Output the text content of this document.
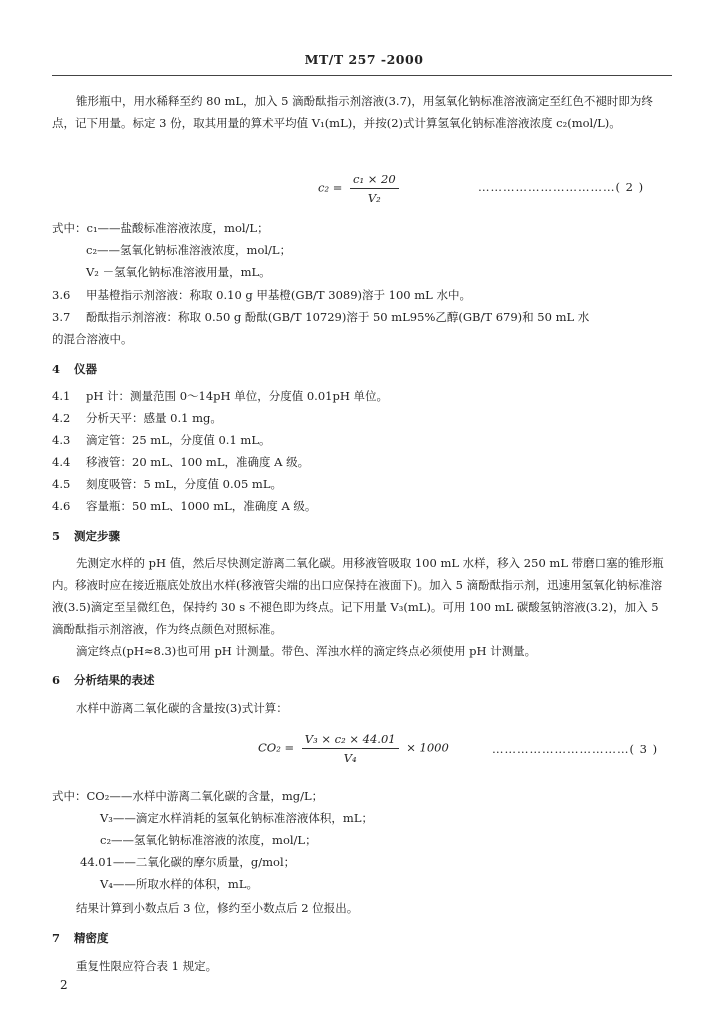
MT/T 257 -2000
锥形瓶中，用水稀释至约 80 mL，加入 5 滴酚酞指示剂溶液(3.7)，用氢氧化钠标准溶液滴定至红色不褪时即为终点，记下用量。标定 3 份，取其用量的算术平均值 V₁(mL)，并按(2)式计算氢氧化钠标准溶液浓度 c₂(mol/L)。
$c_2 = \frac{\text{c₁ × 20}}{\text{V₂}}$	……………………………( 2 )
式中：c₁——盐酸标准溶液浓度，mol/L；
c₂——氢氧化钠标准溶液浓度，mol/L；
V₂ －氢氧化钠标准溶液用量，mL。
3.6 甲基橙指示剂溶液：称取 0.10 g 甲基橙(GB/T 3089)溶于 100 mL 水中。
3.7 酚酞指示剂溶液：称取 0.50 g 酚酞(GB/T 10729)溶于 50 mL95%乙醇(GB/T 679)和 50 mL 水
的混合溶液中。
4 仪器
4.1 pH 计：测量范围 0～14pH 单位，分度值 0.01pH 单位。
4.2 分析天平：感量 0.1 mg。
4.3 滴定管：25 mL，分度值 0.1 mL。
4.4 移液管：20 mL、100 mL，准确度 A 级。
4.5 刻度吸管：5 mL，分度值 0.05 mL。
4.6 容量瓶：50 mL、1000 mL，准确度 A 级。
5 测定步骤
先测定水样的 pH 值，然后尽快测定游离二氧化碳。用移液管吸取 100 mL 水样，移入 250 mL 带磨口塞的锥形瓶内。移液时应在接近瓶底处放出水样(移液管尖端的出口应保持在液面下)。加入 5 滴酚酞指示剂，迅速用氢氧化钠标准溶液(3.5)滴定至呈微红色，保持约 30 s 不褪色即为终点。记下用量 V₃(mL)。可用 100 mL 碳酸氢钠溶液(3.2)，加入 5 滴酚酞指示剂溶液，作为终点颜色对照标准。
滴定终点(pH≈8.3)也可用 pH 计测量。带色、浑浊水样的滴定终点必须使用 pH 计测量。
6 分析结果的表述
水样中游离二氧化碳的含量按(3)式计算：
$CO_2 = \frac{\text{V₃ × c₂ × 44.01}}{\text{V₄}} \times 1000$	……………………………( 3 )
式中：CO₂——水样中游离二氧化碳的含量，mg/L；
V₃——滴定水样消耗的氢氧化钠标准溶液体积，mL；
c₂——氢氧化钠标准溶液的浓度，mol/L；
44.01——二氧化碳的摩尔质量，g/mol；
V₄——所取水样的体积，mL。
结果计算到小数点后 3 位，修约至小数点后 2 位报出。
7 精密度
重复性限应符合表 1 规定。
2
